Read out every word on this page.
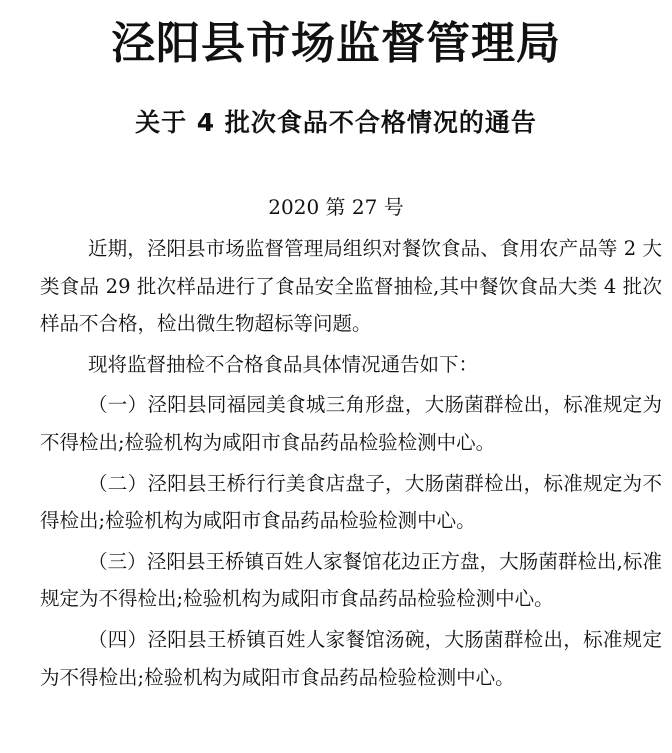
泾阳县市场监督管理局
关于 4 批次食品不合格情况的通告
2020 第 27 号

近期，泾阳县市场监督管理局组织对餐饮食品、食用农产品等 2 大类食品 29 批次样品进行了食品安全监督抽检,其中餐饮食品大类 4 批次样品不合格，检出微生物超标等问题。

现将监督抽检不合格食品具体情况通告如下：

（一）泾阳县同福园美食城三角形盘，大肠菌群检出，标准规定为不得检出;检验机构为咸阳市食品药品检验检测中心。

（二）泾阳县王桥行行美食店盘子，大肠菌群检出，标准规定为不得检出;检验机构为咸阳市食品药品检验检测中心。

（三）泾阳县王桥镇百姓人家餐馆花边正方盘，大肠菌群检出,标准规定为不得检出;检验机构为咸阳市食品药品检验检测中心。

（四）泾阳县王桥镇百姓人家餐馆汤碗，大肠菌群检出，标准规定为不得检出;检验机构为咸阳市食品药品检验检测中心。
